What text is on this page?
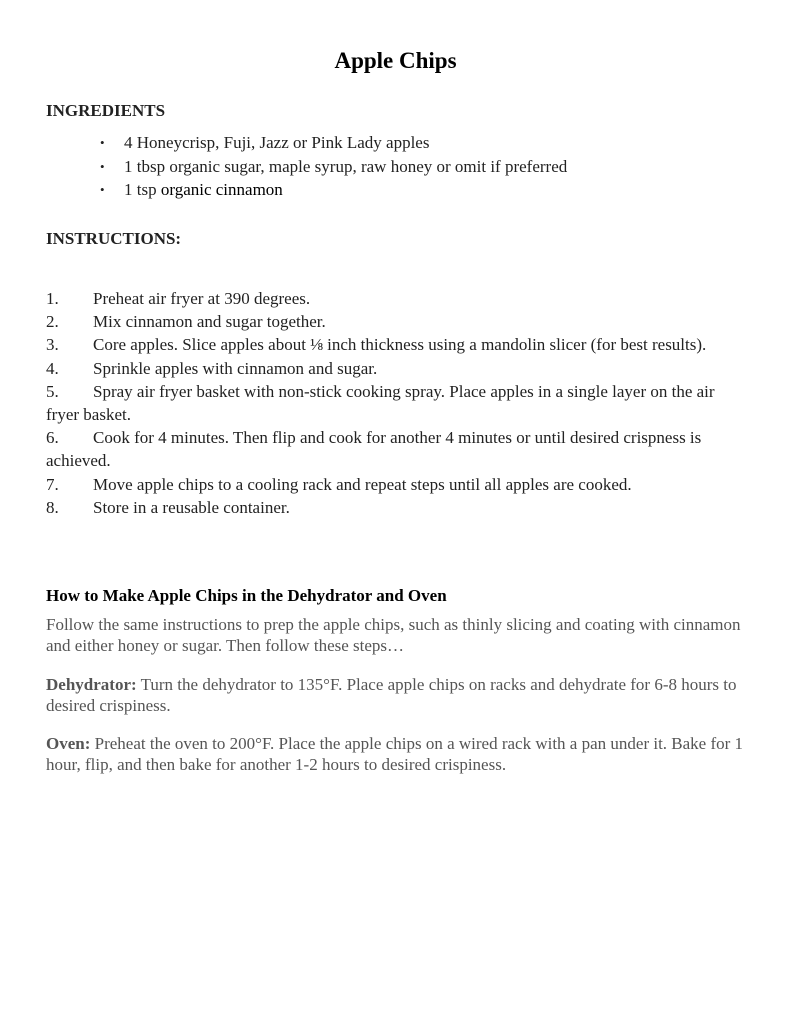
Apple Chips
INGREDIENTS
• 4 Honeycrisp, Fuji, Jazz or Pink Lady apples
• 1 tbsp organic sugar, maple syrup, raw honey or omit if preferred
• 1 tsp organic cinnamon
INSTRUCTIONS:
1. Preheat air fryer at 390 degrees.
2. Mix cinnamon and sugar together.
3. Core apples. Slice apples about ⅛ inch thickness using a mandolin slicer (for best results).
4. Sprinkle apples with cinnamon and sugar.
5. Spray air fryer basket with non-stick cooking spray. Place apples in a single layer on the air fryer basket.
6. Cook for 4 minutes. Then flip and cook for another 4 minutes or until desired crispness is achieved.
7. Move apple chips to a cooling rack and repeat steps until all apples are cooked.
8. Store in a reusable container.
How to Make Apple Chips in the Dehydrator and Oven

Follow the same instructions to prep the apple chips, such as thinly slicing and coating with cinnamon and either honey or sugar. Then follow these steps…

Dehydrator: Turn the dehydrator to 135°F. Place apple chips on racks and dehydrate for 6-8 hours to desired crispiness.

Oven: Preheat the oven to 200°F. Place the apple chips on a wired rack with a pan under it. Bake for 1 hour, flip, and then bake for another 1-2 hours to desired crispiness.
